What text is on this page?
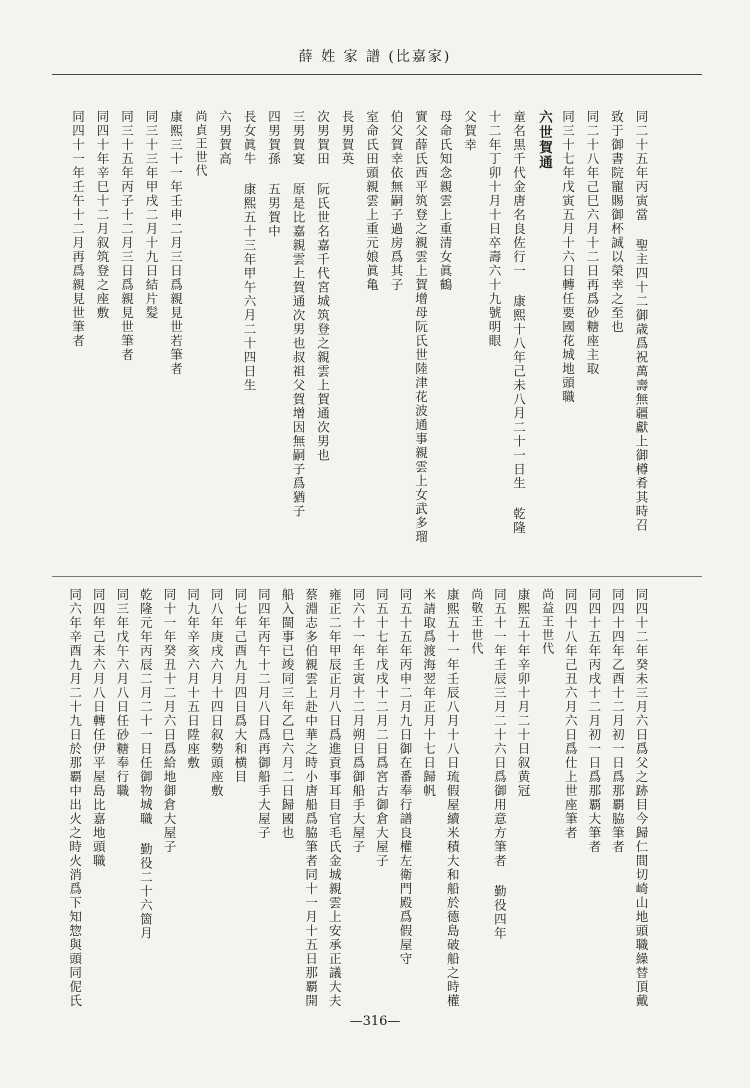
薛 姓 家 譜 (比嘉家)
同二十五年丙寅當 聖主四十二御歳爲祝萬壽無疆獻上御樽肴其時召
致于御書院寵賜御杯誠以榮幸之至也
同二十八年己巳六月十二日再爲砂糖座主取
同三十七年戊寅五月十六日轉任要國花城地頭職
六世賀通
童名黒千代金唐名良佐行一 康熙十八年己未八月二十一日生 乾隆
十二年丁卯十月十日卒壽六十九號明眼
父賀幸
母命氏知念親雲上重清女眞鶴
實父薛氏西平筑登之親雲上賀增母阮氏世陸津花波通事親雲上女武多瑠
伯父賀幸依無嗣子過房爲其子
室命氏田頭親雲上重元娘眞亀
長男賀英
次男賀田 阮氏世名嘉千代宮城筑登之親雲上賀通次男也
三男賀宴 原是比嘉親雲上賀通次男也叔祖父賀增因無嗣子爲猶子
四男賀孫 五男賀中
長女眞牛 康熙五十三年甲午六月二十四日生
六男賀高
尚貞王世代
康熙三十一年壬申二月三日爲親見世若筆者
同三十三年甲戌二月十九日結片髪
同三十五年丙子十二月三日爲親見世筆者
同四十年辛巳十二月叙筑登之座敷
同四十一年壬午十二月再爲親見世筆者
同四十二年癸未三月六日爲父之跡目今歸仁間切崎山地頭職繰替頂戴
同四十四年乙酉十二月初一日爲那覇脇筆者
同四十五年丙戌十二月初一日爲那覇大筆者
同四十八年己丑六月六日爲仕上世座筆者
尚益王世代
康熙五十年辛卯十月二十日叙黄冠
同五十一年壬辰三月二十六日爲御用意方筆者 勤役四年
尚敬王世代
康熙五十一年壬辰八月十八日琉假屋續米積大和船於德島破船之時權
米請取爲渡海翌年正月十七日歸帆
同五十五年丙申二月九日御在番奉行譜良權左衛門殿爲假屋守
同五十七年戊戌十二月二日爲宮古御倉大屋子
同六十一年壬寅十二月朔日爲御船手大屋子
雍正二年甲辰正月八日爲進貢事耳目官毛氏金城親雲上安承正議大夫
蔡淵志多伯親雲上赴中華之時小唐船爲脇筆者同十一月十五日那覇開
船入閩事已竣同三年乙巳六月二日歸國也
同四年丙午十二月八日爲再御船手大屋子
同七年己酉九月四日爲大和横目
同八年庚戌六月十四日叙勢頭座敷
同九年辛亥六月十五日陞座敷
同十一年癸丑十二月六日爲給地御倉大屋子
乾隆元年丙辰二月二十一日任御物城職 勤役二十六箇月
同三年戊午六月八日任砂糖奉行職
同四年己未六月八日轉任伊平屋島比嘉地頭職
同六年辛酉九月二十九日於那覇中出火之時火消爲下知惣與頭同伲氏
—316—
